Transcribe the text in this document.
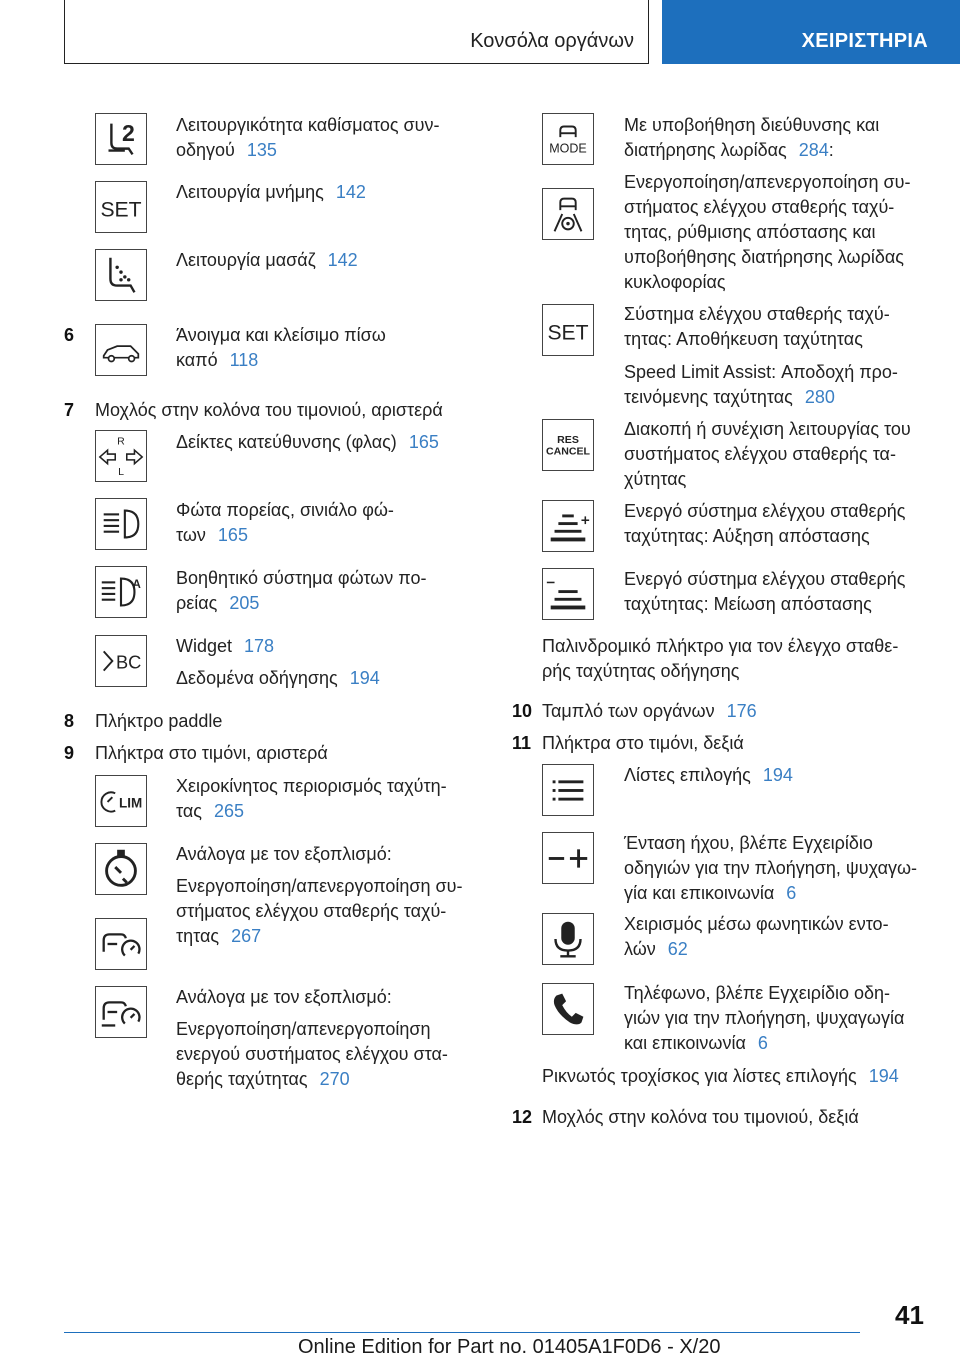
Κονσόλα οργάνων	ΧΕΙΡΙΣΤΗΡΙΑ
2 Λειτουργικότητα καθίσματος συν-
οδηγού 135
SET
Λειτουργία μνήμης 142
Λειτουργία μασάζ 142
6	Άνοιγμα και κλείσιμο πίσω
καπό 118
7 Μοχλός στην κολόνα του τιμονιού, αριστερά
R
L
Δείκτες κατεύθυνσης (φλας) 165
Φώτα πορείας, σινιάλο φώ-
των 165
A Βοηθητικό σύστημα φώτων πο-
ρείας 205
BC
Widget 178
Δεδομένα οδήγησης 194
8 Πλήκτρο paddle
9 Πλήκτρα στο τιμόνι, αριστερά
LIM
Χειροκίνητος περιορισμός ταχύτη-
τας 265
Ανάλογα με τον εξοπλισμό:
Ενεργοποίηση/απενεργοποίηση συ-
στήματος ελέγχου σταθερής ταχύ-
τητας 267
Ανάλογα με τον εξοπλισμό:
Ενεργοποίηση/απενεργοποίηση
ενεργού συστήματος ελέγχου στα-
θερής ταχύτητας 270
MODE
Με υποβοήθηση διεύθυνσης και
διατήρησης λωρίδας 284:
Ενεργοποίηση/απενεργοποίηση συ-
στήματος ελέγχου σταθερής ταχύ-
τητας, ρύθμισης απόστασης και
υποβοήθησης διατήρησης λωρίδας
κυκλοφορίας
SET
Σύστημα ελέγχου σταθερής ταχύ-
τητας: Αποθήκευση ταχύτητας
Speed Limit Assist: Αποδοχή προ-
τεινόμενης ταχύτητας 280
RES
CANCEL
Διακοπή ή συνέχιση λειτουργίας του
συστήματος ελέγχου σταθερής τα-
χύτητας
Ενεργό σύστημα ελέγχου σταθερής
ταχύτητας: Αύξηση απόστασης
Ενεργό σύστημα ελέγχου σταθερής
ταχύτητας: Μείωση απόστασης
Παλινδρομικό πλήκτρο για τον έλεγχο σταθε-
ρής ταχύτητας οδήγησης
10 Ταμπλό των οργάνων 176
11 Πλήκτρα στο τιμόνι, δεξιά
Λίστες επιλογής 194
Ένταση ήχου, βλέπε Εγχειρίδιο
οδηγιών για την πλοήγηση, ψυχαγω-
γία και επικοινωνία 6
Χειρισμός μέσω φωνητικών εντο-
λών 62
Τηλέφωνο, βλέπε Εγχειρίδιο οδη-
γιών για την πλοήγηση, ψυχαγωγία
και επικοινωνία 6
Ρικνωτός τροχίσκος για λίστες επιλογής 194
12 Μοχλός στην κολόνα του τιμονιού, δεξιά
41
Online Edition for Part no. 01405A1F0D6 - X/20
